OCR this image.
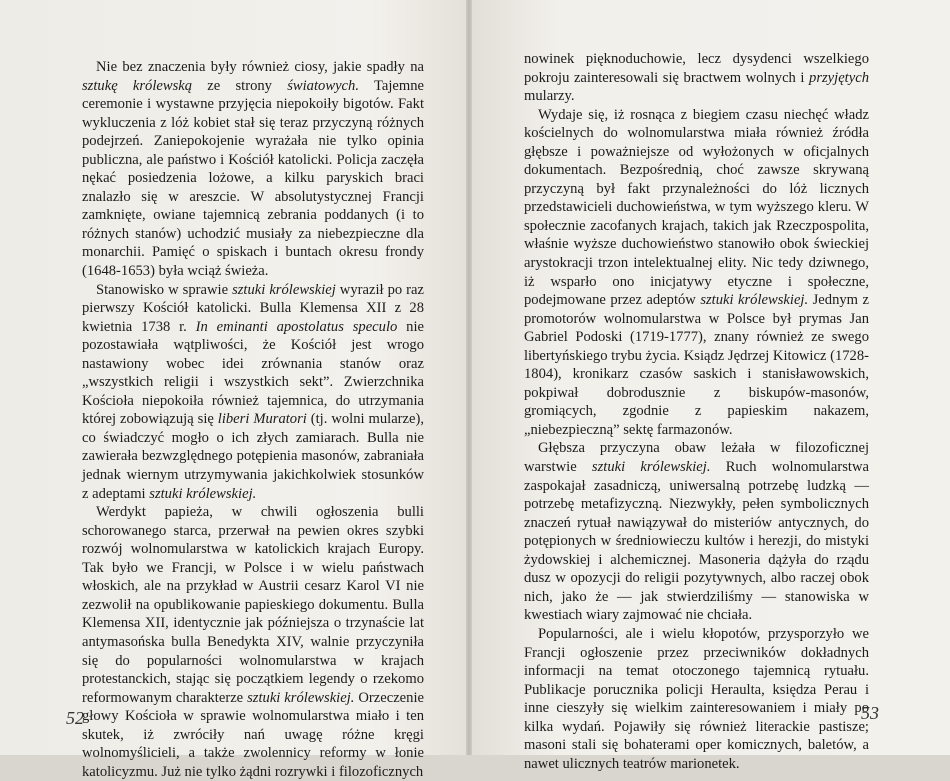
Nie bez znaczenia były również ciosy, jakie spadły na sztukę królewską ze strony światowych. Tajemne ceremonie i wystawne przyjęcia niepokoiły bigotów. Fakt wykluczenia z lóż kobiet stał się teraz przyczyną różnych podejrzeń. Zaniepokojenie wyrażała nie tylko opinia publiczna, ale państwo i Kościół katolicki. Policja zaczęła nękać posiedzenia lożowe, a kilku paryskich braci znalazło się w areszcie. W absolutystycznej Francji zamknięte, owiane tajemnicą zebrania poddanych (i to różnych stanów) uchodzić musiały za niebezpieczne dla monarchii. Pamięć o spiskach i buntach okresu frondy (1648-1653) była wciąż świeża.

Stanowisko w sprawie sztuki królewskiej wyraził po raz pierwszy Kościół katolicki. Bulla Klemensa XII z 28 kwietnia 1738 r. In eminanti apostolatus speculo nie pozostawiała wątpliwości, że Kościół jest wrogo nastawiony wobec idei zrównania stanów oraz „wszystkich religii i wszystkich sekt”. Zwierzchnika Kościoła niepokoiła również tajemnica, do utrzymania której zobowiązują się liberi Muratori (tj. wolni mularze), co świadczyć mogło o ich złych zamiarach. Bulla nie zawierała bezwzględnego potępienia masonów, zabraniała jednak wiernym utrzymywania jakichkolwiek stosunków z adeptami sztuki królewskiej.

Werdykt papieża, w chwili ogłoszenia bulli schorowanego starca, przerwał na pewien okres szybki rozwój wolnomularstwa w katolickich krajach Europy. Tak było we Francji, w Polsce i w wielu państwach włoskich, ale na przykład w Austrii cesarz Karol VI nie zezwolił na opublikowanie papieskiego dokumentu. Bulla Klemensa XII, identycznie jak późniejsza o trzynaście lat antymasońska bulla Benedykta XIV, walnie przyczyniła się do popularności wolnomularstwa w krajach protestanckich, stając się początkiem legendy o rzekomo reformowanym charakterze sztuki królewskiej. Orzeczenie głowy Kościoła w sprawie wolnomularstwa miało i ten skutek, iż zwróciły nań uwagę różne kręgi wolnomyślicieli, a także zwolennicy reformy w łonie katolicyzmu. Już nie tylko żądni rozrywki i filozoficznych

52

nowinek pięknoduchowie, lecz dysydenci wszelkiego pokroju zainteresowali się bractwem wolnych i przyjętych mularzy.

Wydaje się, iż rosnąca z biegiem czasu niechęć władz kościelnych do wolnomularstwa miała również źródła głębsze i poważniejsze od wyłożonych w oficjalnych dokumentach. Bezpośrednią, choć zawsze skrywaną przyczyną był fakt przynależności do lóż licznych przedstawicieli duchowieństwa, w tym wyższego kleru. W społecznie zacofanych krajach, takich jak Rzeczpospolita, właśnie wyższe duchowieństwo stanowiło obok świeckiej arystokracji trzon intelektualnej elity. Nic tedy dziwnego, iż wsparło ono inicjatywy etyczne i społeczne, podejmowane przez adeptów sztuki królewskiej. Jednym z promotorów wolnomularstwa w Polsce był prymas Jan Gabriel Podoski (1719-1777), znany również ze swego libertyńskiego trybu życia. Ksiądz Jędrzej Kitowicz (1728-1804), kronikarz czasów saskich i stanisławowskich, pokpiwał dobrodusznie z biskupów-masonów, gromiących, zgodnie z papieskim nakazem, „niebezpieczną” sektę farmazonów.

Głębsza przyczyna obaw leżała w filozoficznej warstwie sztuki królewskiej. Ruch wolnomularstwa zaspokajał zasadniczą, uniwersalną potrzebę ludzką — potrzebę metafizyczną. Niezwykły, pełen symbolicznych znaczeń rytuał nawiązywał do misteriów antycznych, do potępionych w średniowieczu kultów i herezji, do mistyki żydowskiej i alchemicznej. Masoneria dążyła do rządu dusz w opozycji do religii pozytywnych, albo raczej obok nich, jako że — jak stwierdziliśmy — stanowiska w kwestiach wiary zajmować nie chciała.

Popularności, ale i wielu kłopotów, przysporzyło we Francji ogłoszenie przez przeciwników dokładnych informacji na temat otoczonego tajemnicą rytuału. Publikacje porucznika policji Heraulta, księdza Perau i inne cieszyły się wielkim zainteresowaniem i miały po kilka wydań. Pojawiły się również literackie pastisze; masoni stali się bohaterami oper komicznych, baletów, a nawet ulicznych teatrów marionetek.

53
